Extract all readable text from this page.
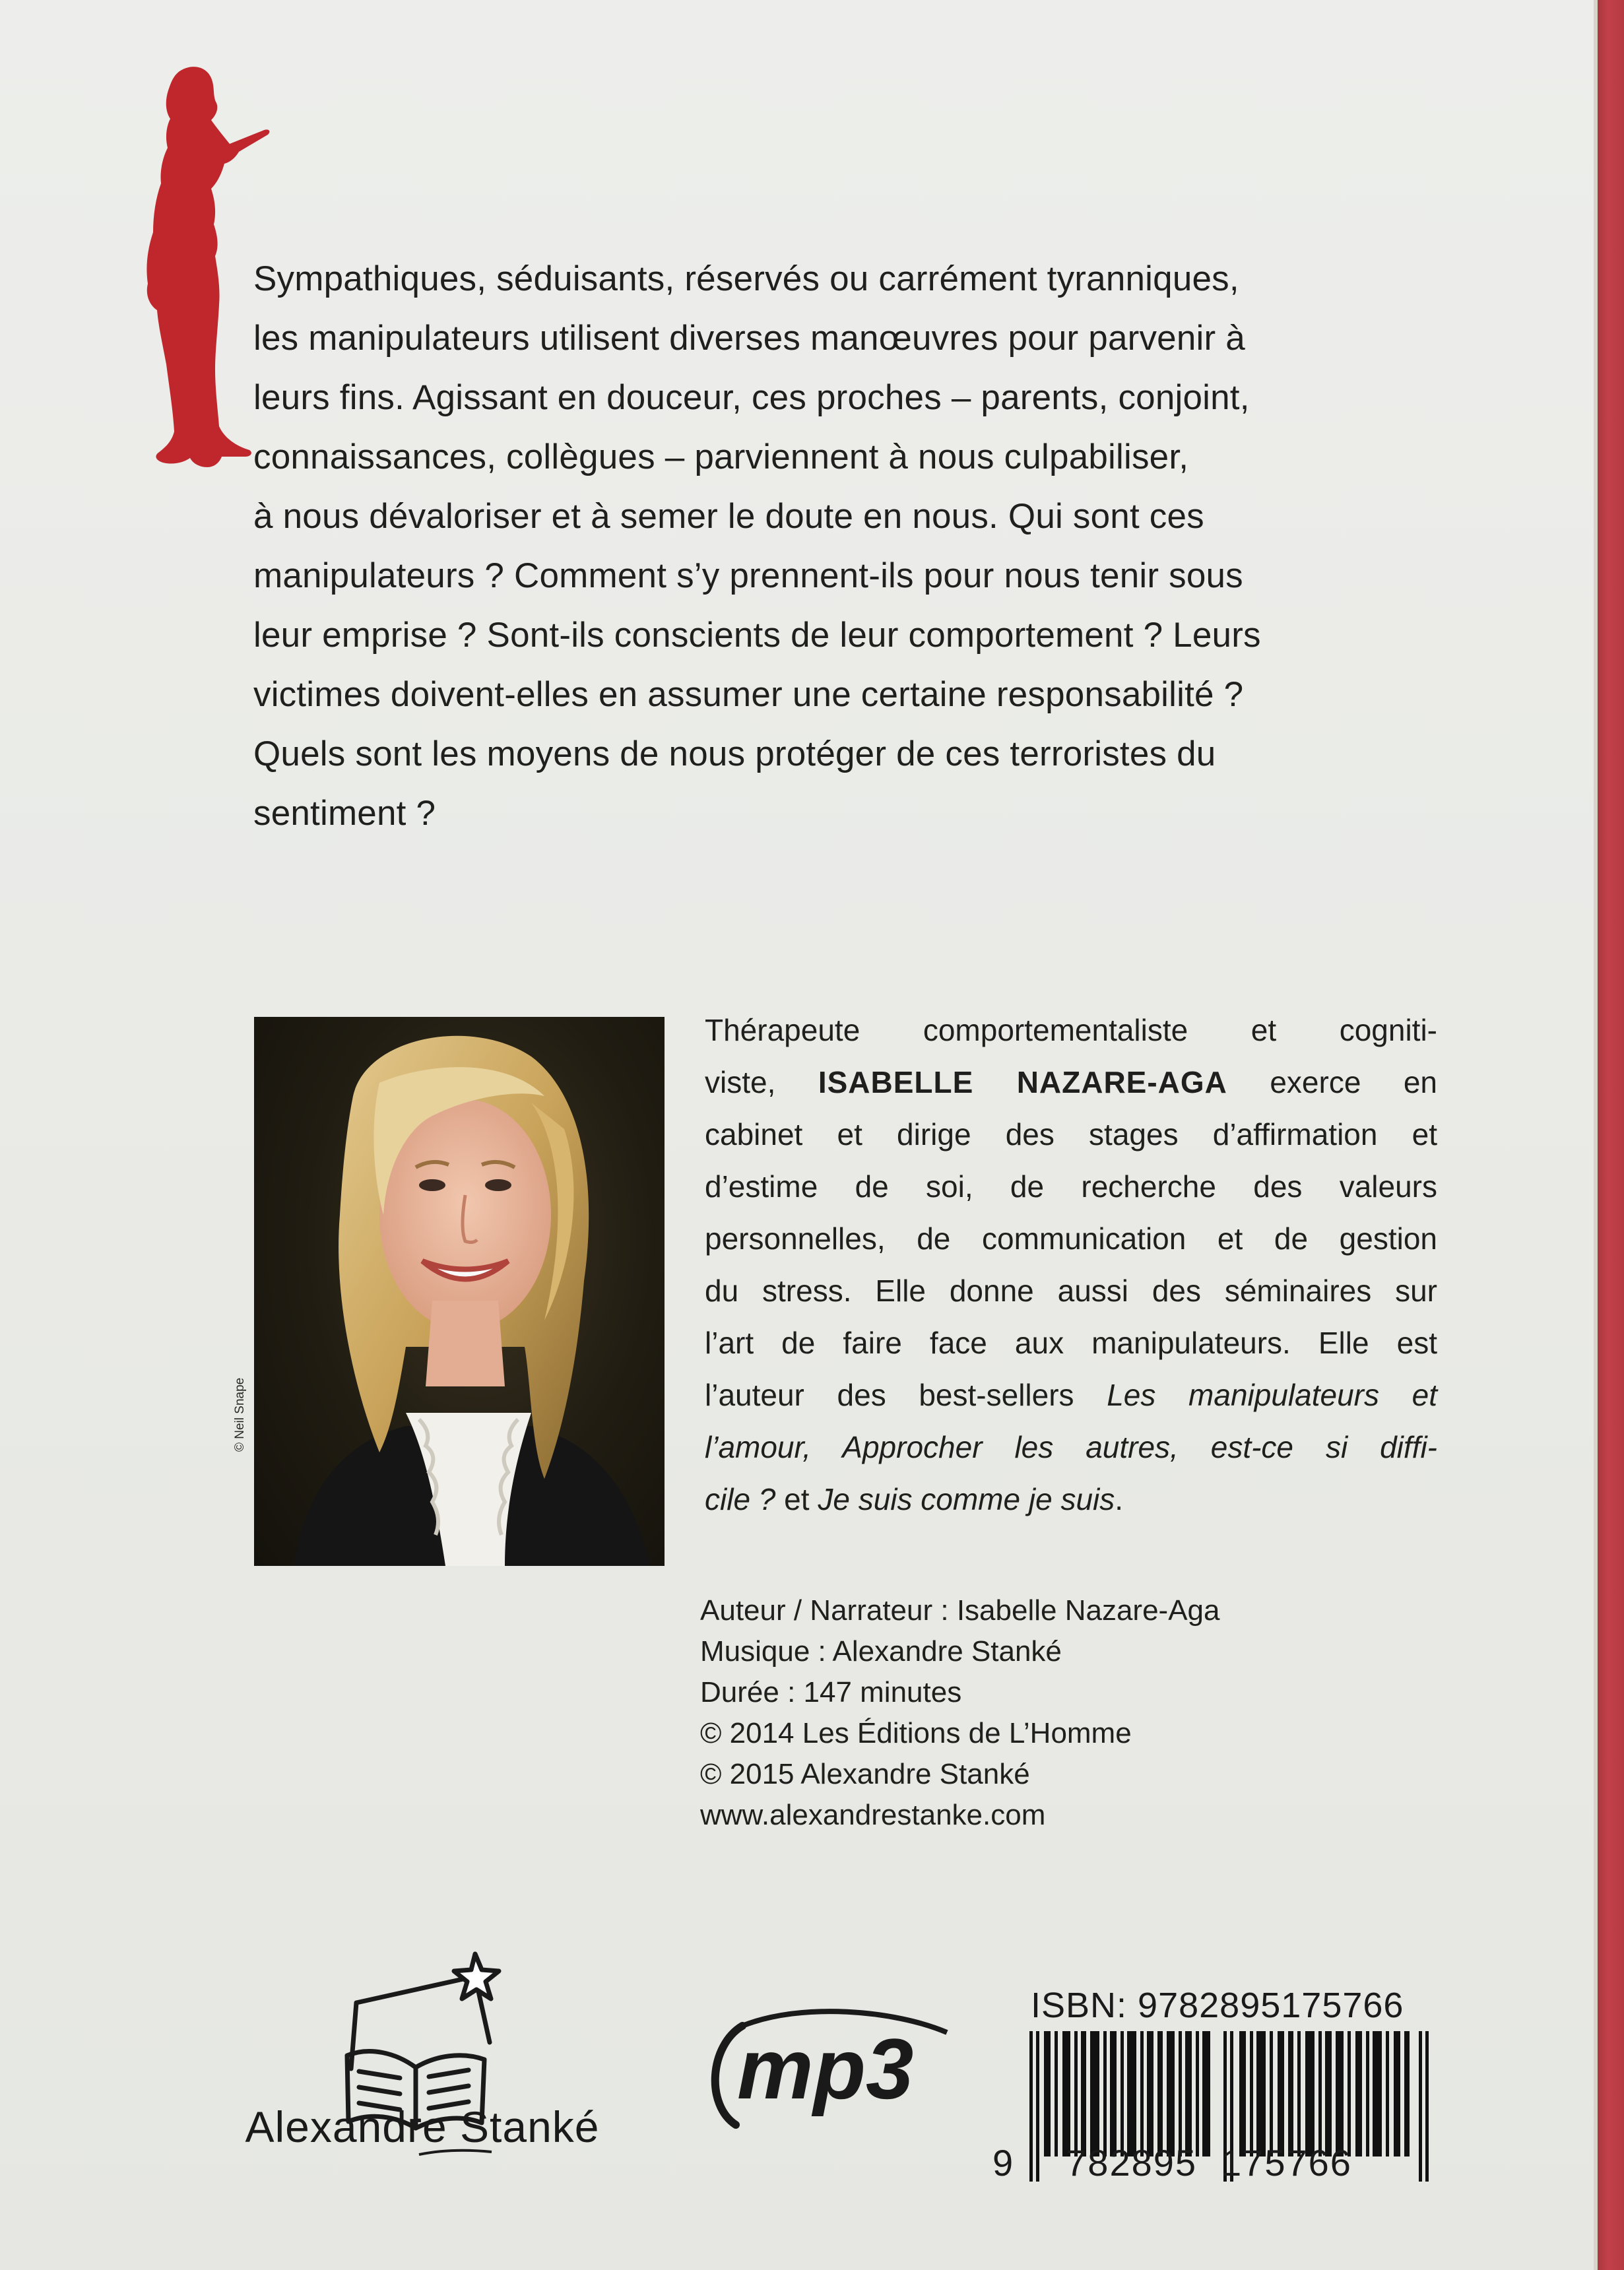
Sympathiques, séduisants, réservés ou carrément tyranniques,
les manipulateurs utilisent diverses manœuvres pour parvenir à
leurs fins. Agissant en douceur, ces proches – parents, conjoint,
connaissances, collègues – parviennent à nous culpabiliser,
à nous dévaloriser et à semer le doute en nous. Qui sont ces
manipulateurs ? Comment s’y prennent-ils pour nous tenir sous
leur emprise ? Sont-ils conscients de leur comportement ? Leurs
victimes doivent-elles en assumer une certaine responsabilité ?
Quels sont les moyens de nous protéger de ces terroristes du
sentiment ?

© Neil Snape

Thérapeute comportementaliste et cogniti-
viste, ISABELLE NAZARE-AGA exerce en
cabinet et dirige des stages d’affirmation et
d’estime de soi, de recherche des valeurs
personnelles, de communication et de gestion
du stress. Elle donne aussi des séminaires sur
l’art de faire face aux manipulateurs. Elle est
l’auteur des best-sellers Les manipulateurs et
l’amour, Approcher les autres, est-ce si diffi-
cile ? et Je suis comme je suis.

Auteur / Narrateur : Isabelle Nazare-Aga
Musique : Alexandre Stanké
Durée : 147 minutes
© 2014 Les Éditions de L’Homme
© 2015 Alexandre Stanké
www.alexandrestanke.com

Alexandre Stanké
mp3
ISBN: 9782895175766
9 782895 175766
